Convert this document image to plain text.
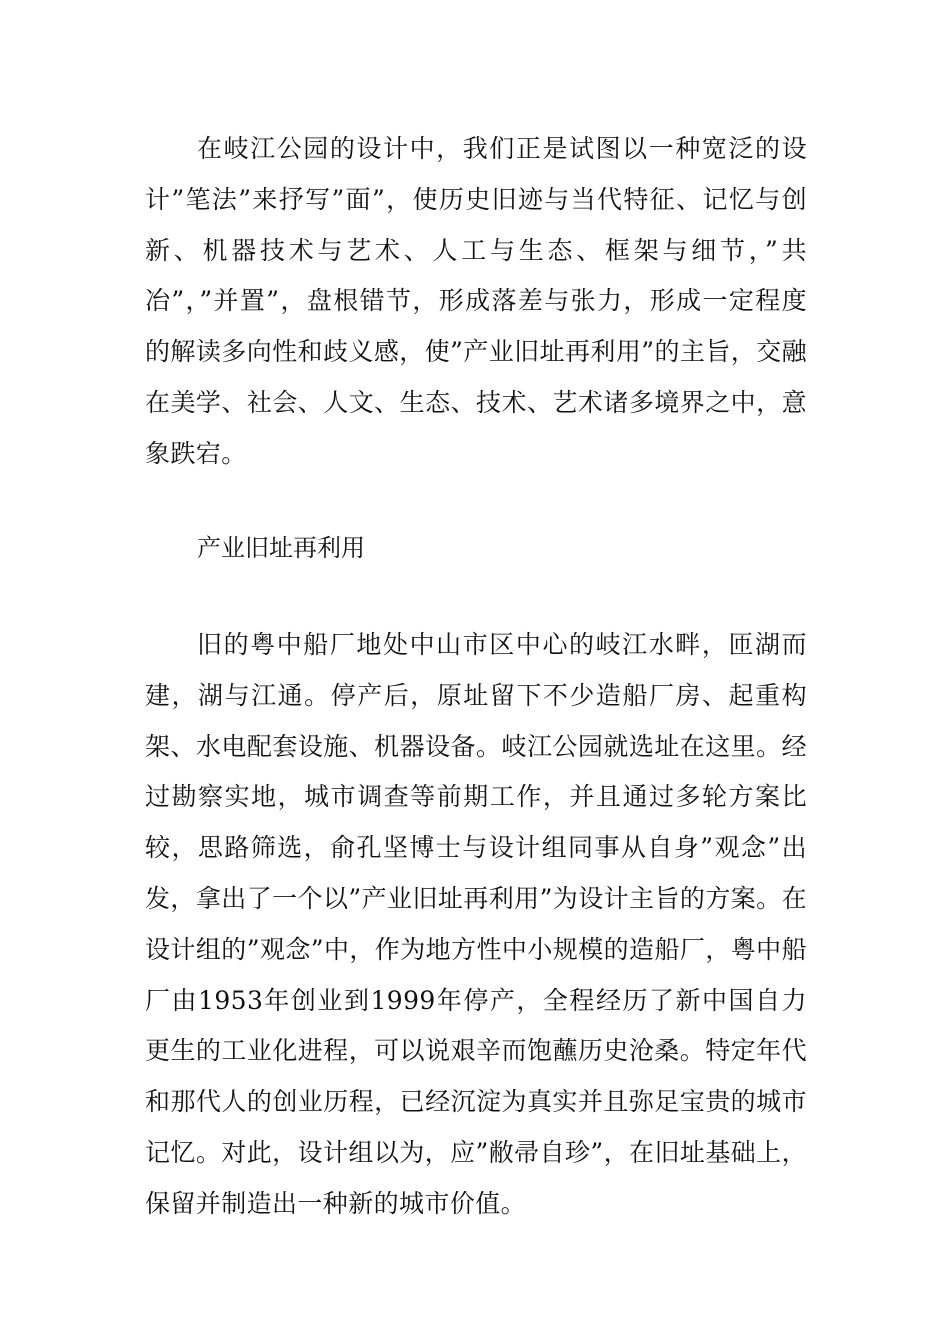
在岐江公园的设计中，我们正是试图以一种宽泛的设计”笔法”来抒写”面”，使历史旧迹与当代特征、记忆与创新、机器技术与艺术、人工与生态、框架与细节，”共冶”，”并置”，盘根错节，形成落差与张力，形成一定程度的解读多向性和歧义感，使”产业旧址再利用”的主旨，交融在美学、社会、人文、生态、技术、艺术诸多境界之中，意象跌宕。

产业旧址再利用

旧的粤中船厂地处中山市区中心的岐江水畔，匝湖而建，湖与江通。停产后，原址留下不少造船厂房、起重构架、水电配套设施、机器设备。岐江公园就选址在这里。经过勘察实地，城市调查等前期工作，并且通过多轮方案比较，思路筛选，俞孔坚博士与设计组同事从自身”观念”出发，拿出了一个以”产业旧址再利用”为设计主旨的方案。在设计组的”观念”中，作为地方性中小规模的造船厂，粤中船厂由1953年创业到1999年停产，全程经历了新中国自力更生的工业化进程，可以说艰辛而饱蘸历史沧桑。特定年代和那代人的创业历程，已经沉淀为真实并且弥足宝贵的城市记忆。对此，设计组以为，应”敝帚自珍”，在旧址基础上，保留并制造出一种新的城市价值。
